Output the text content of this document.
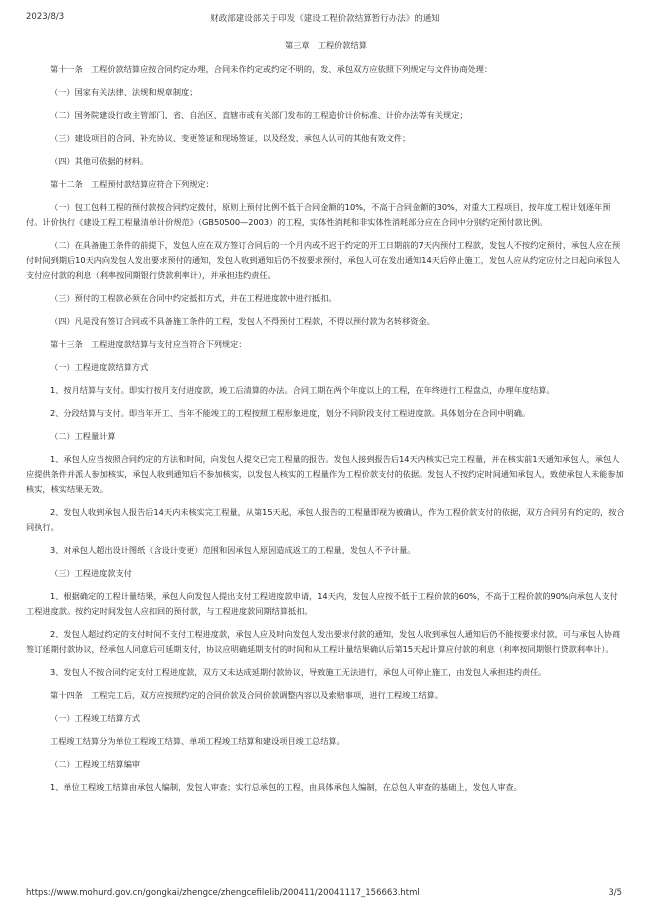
2023/8/3	财政部建设部关于印发《建设工程价款结算暂行办法》的通知

第三章　工程价款结算

第十一条　工程价款结算应按合同约定办理，合同未作约定或约定不明的，发、承包双方应依照下列规定与文件协商处理：

（一）国家有关法律、法规和规章制度；

（二）国务院建设行政主管部门、省、自治区、直辖市或有关部门发布的工程造价计价标准、计价办法等有关规定；

（三）建设项目的合同、补充协议、变更签证和现场签证，以及经发、承包人认可的其他有效文件；

（四）其他可依据的材料。

第十二条　工程预付款结算应符合下列规定：

（一）包工包料工程的预付款按合同约定拨付，原则上预付比例不低于合同金额的10%，不高于合同金额的30%，对重大工程项目，按年度工程计划逐年预付。计价执行《建设工程工程量清单计价规范》（GB50500—2003）的工程，实体性消耗和非实体性消耗部分应在合同中分别约定预付款比例。

（二）在具备施工条件的前提下，发包人应在双方签订合同后的一个月内或不迟于约定的开工日期前的7天内预付工程款，发包人不按约定预付，承包人应在预付时间到期后10天内向发包人发出要求预付的通知，发包人收到通知后仍不按要求预付，承包人可在发出通知14天后停止施工，发包人应从约定应付之日起向承包人支付应付款的利息（利率按同期银行贷款利率计），并承担违约责任。

（三）预付的工程款必须在合同中约定抵扣方式，并在工程进度款中进行抵扣。

（四）凡是没有签订合同或不具备施工条件的工程，发包人不得预付工程款，不得以预付款为名转移资金。

第十三条　工程进度款结算与支付应当符合下列规定：

（一）工程进度款结算方式

1、按月结算与支付。即实行按月支付进度款，竣工后清算的办法。合同工期在两个年度以上的工程，在年终进行工程盘点，办理年度结算。

2、分段结算与支付。即当年开工、当年不能竣工的工程按照工程形象进度，划分不同阶段支付工程进度款。具体划分在合同中明确。

（二）工程量计算

1、承包人应当按照合同约定的方法和时间，向发包人提交已完工程量的报告。发包人接到报告后14天内核实已完工程量，并在核实前1天通知承包人，承包人应提供条件并派人参加核实，承包人收到通知后不参加核实，以发包人核实的工程量作为工程价款支付的依据。发包人不按约定时间通知承包人，致使承包人未能参加核实，核实结果无效。

2、发包人收到承包人报告后14天内未核实完工程量，从第15天起，承包人报告的工程量即视为被确认，作为工程价款支付的依据，双方合同另有约定的，按合同执行。

3、对承包人超出设计图纸（含设计变更）范围和因承包人原因造成返工的工程量，发包人不予计量。

（三）工程进度款支付

1、根据确定的工程计量结果，承包人向发包人提出支付工程进度款申请，14天内，发包人应按不低于工程价款的60%，不高于工程价款的90%向承包人支付工程进度款。按约定时间发包人应扣回的预付款，与工程进度款同期结算抵扣。

2、发包人超过约定的支付时间不支付工程进度款，承包人应及时向发包人发出要求付款的通知，发包人收到承包人通知后仍不能按要求付款，可与承包人协商签订延期付款协议，经承包人同意后可延期支付，协议应明确延期支付的时间和从工程计量结果确认后第15天起计算应付款的利息（利率按同期银行贷款利率计）。

3、发包人不按合同约定支付工程进度款，双方又未达成延期付款协议，导致施工无法进行，承包人可停止施工，由发包人承担违约责任。

第十四条　工程完工后，双方应按照约定的合同价款及合同价款调整内容以及索赔事项，进行工程竣工结算。

（一）工程竣工结算方式

工程竣工结算分为单位工程竣工结算、单项工程竣工结算和建设项目竣工总结算。

（二）工程竣工结算编审

1、单位工程竣工结算由承包人编制，发包人审查；实行总承包的工程，由具体承包人编制，在总包人审查的基础上，发包人审查。

https://www.mohurd.gov.cn/gongkai/zhengce/zhengcefilelib/200411/20041117_156663.html	3/5
